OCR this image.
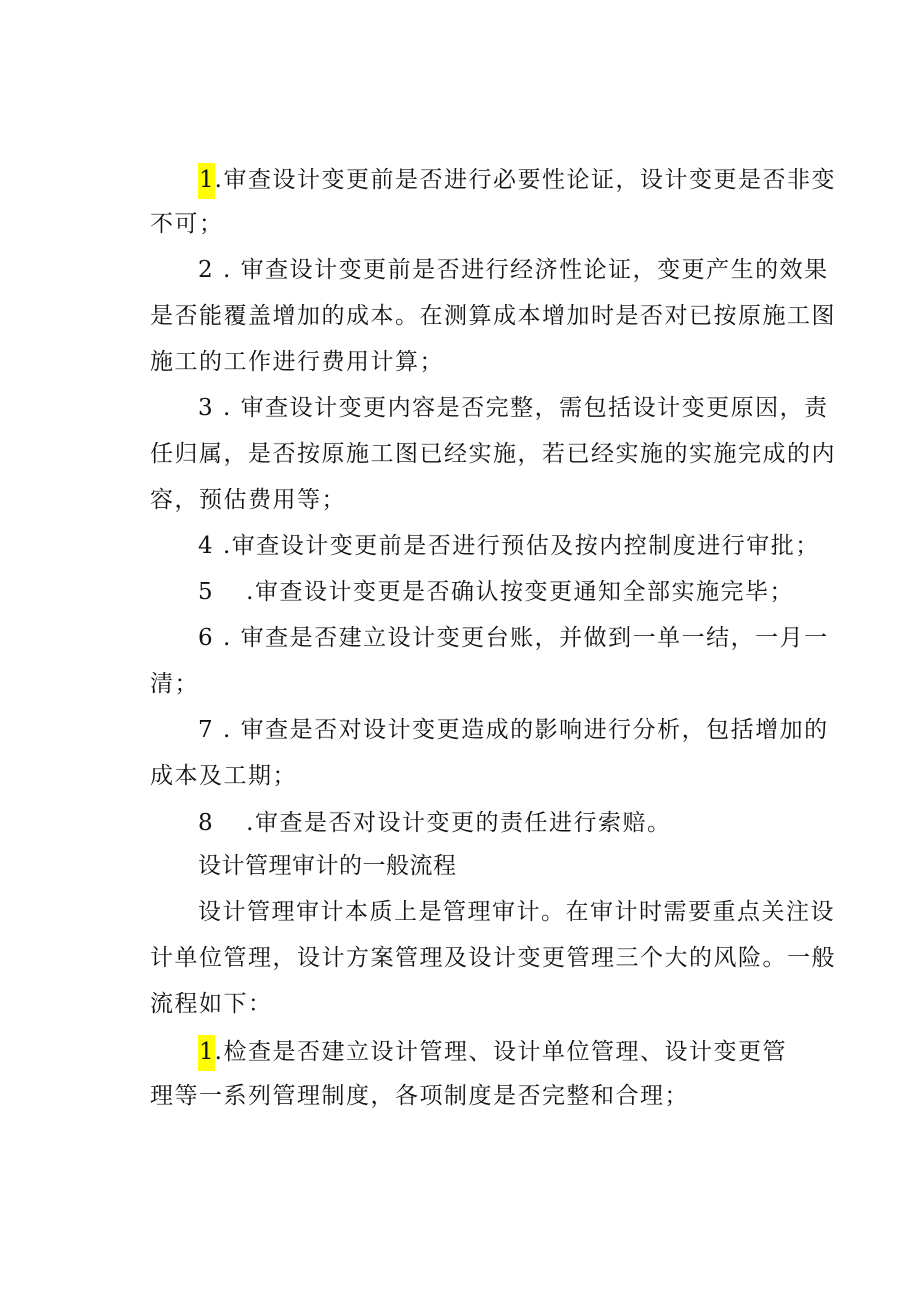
1.审查设计变更前是否进行必要性论证，设计变更是否非变
不可；
2 . 审查设计变更前是否进行经济性论证，变更产生的效果
是否能覆盖增加的成本。在测算成本增加时是否对已按原施工图
施工的工作进行费用计算；
3 . 审查设计变更内容是否完整，需包括设计变更原因，责
任归属，是否按原施工图已经实施，若已经实施的实施完成的内
容，预估费用等；
4 .审查设计变更前是否进行预估及按内控制度进行审批；
5 .审查设计变更是否确认按变更通知全部实施完毕；
6 . 审查是否建立设计变更台账，并做到一单一结，一月一
清；
7 . 审查是否对设计变更造成的影响进行分析，包括增加的
成本及工期；
8 .审查是否对设计变更的责任进行索赔。
设计管理审计的一般流程
设计管理审计本质上是管理审计。在审计时需要重点关注设
计单位管理，设计方案管理及设计变更管理三个大的风险。一般
流程如下：
1.检查是否建立设计管理、设计单位管理、设计变更管
理等一系列管理制度，各项制度是否完整和合理；
